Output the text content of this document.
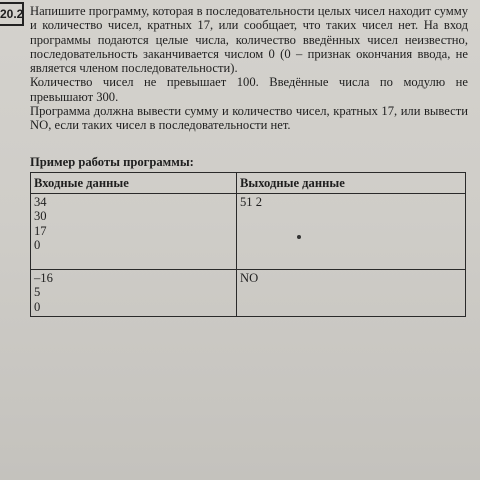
20.2 Напишите программу, которая в последовательности целых чисел находит сумму и количество чисел, кратных 17, или сообщает, что таких чисел нет. На вход программы подаются целые числа, количество введённых чисел неизвестно, последовательность заканчивается числом 0 (0 – признак окончания ввода, не является членом последовательности).

Количество чисел не превышает 100. Введённые числа по модулю не превышают 300.

Программа должна вывести сумму и количество чисел, кратных 17, или вывести NO, если таких чисел в последовательности нет.

Пример работы программы:
Входные данные	Выходные данные

34
30
17
0	51 2

–16
5
0	NO
